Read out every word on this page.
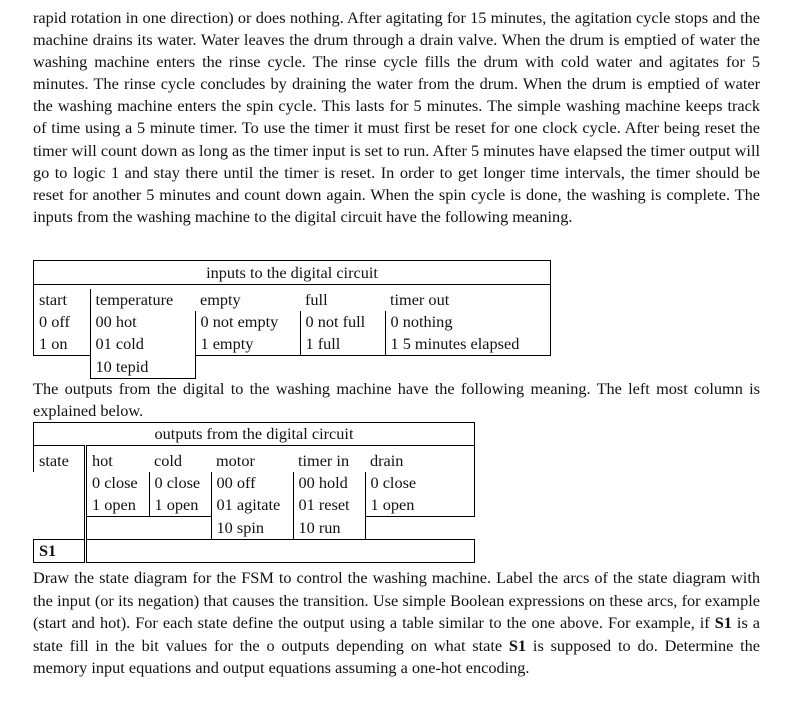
rapid rotation in one direction) or does nothing. After agitating for 15 minutes, the agitation cycle stops and the machine drains its water. Water leaves the drum through a drain valve. When the drum is emptied of water the washing machine enters the rinse cycle. The rinse cycle fills the drum with cold water and agitates for 5 minutes. The rinse cycle concludes by draining the water from the drum. When the drum is emptied of water the washing machine enters the spin cycle. This lasts for 5 minutes. The simple washing machine keeps track of time using a 5 minute timer. To use the timer it must first be reset for one clock cycle. After being reset the timer will count down as long as the timer input is set to run. After 5 minutes have elapsed the timer output will go to logic 1 and stay there until the timer is reset. In order to get longer time intervals, the timer should be reset for another 5 minutes and count down again. When the spin cycle is done, the washing is complete. The inputs from the washing machine to the digital circuit have the following meaning.

inputs to the digital circuit				

start	temperature	empty	full	timer out
0 off	00 hot	0 not empty	0 not full	0 nothing
1 on	01 cold	1 empty	1 full	1 5 minutes elapsed
	10 tepid			

The outputs from the digital to the washing machine have the following meaning. The left most column is explained below.

outputs from the digital circuit					

state	hot	cold	motor	timer in	drain
	0 close	0 close	00 off	00 hold	0 close
	1 open	1 open	01 agitate	01 reset	1 open
			10 spin	10 run	
S1					

Draw the state diagram for the FSM to control the washing machine. Label the arcs of the state diagram with the input (or its negation) that causes the transition. Use simple Boolean expressions on these arcs, for example (start and hot). For each state define the output using a table similar to the one above. For example, if S1 is a state fill in the bit values for the o outputs depending on what state S1 is supposed to do. Determine the memory input equations and output equations assuming a one-hot encoding.
